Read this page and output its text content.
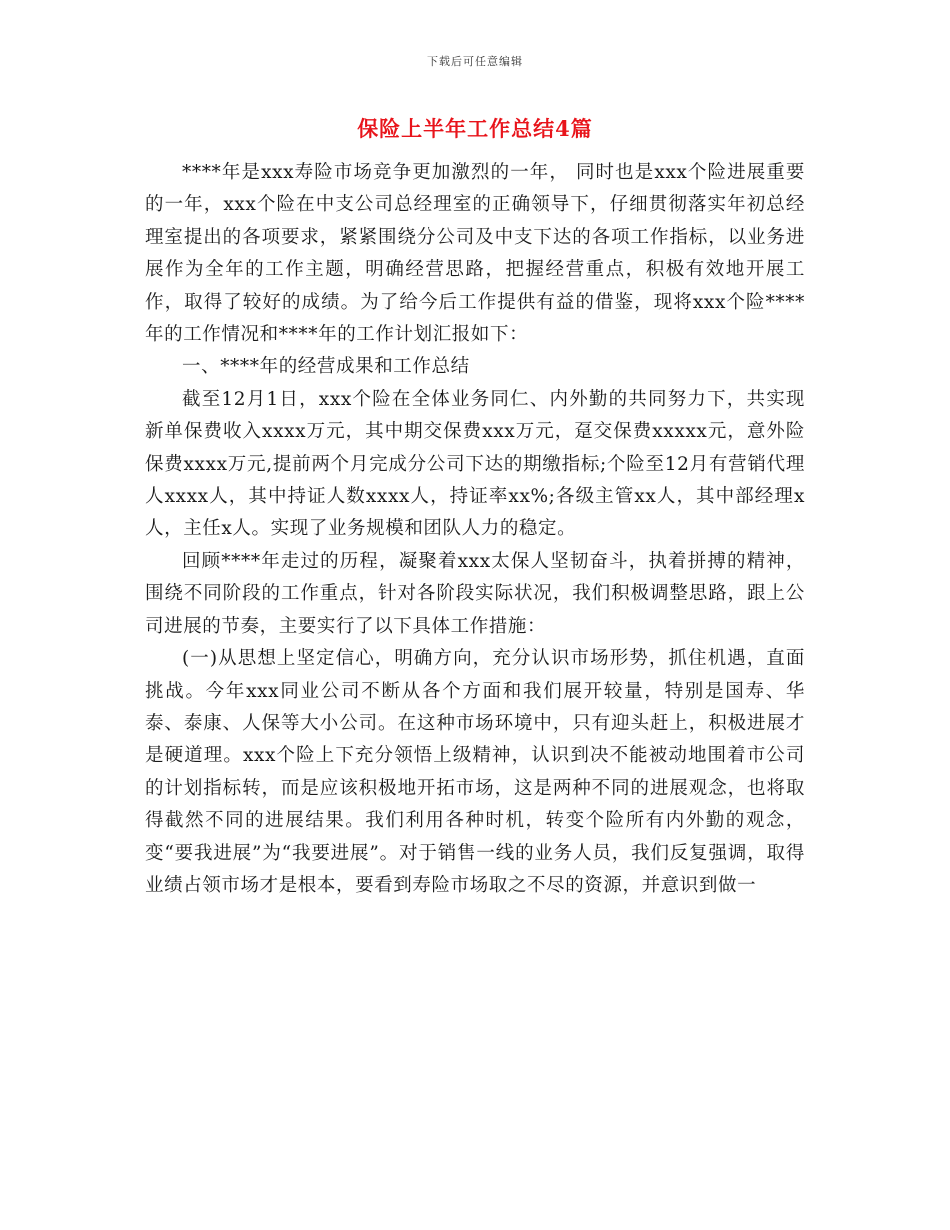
下载后可任意编辑
保险上半年工作总结4篇

****年是xxx寿险市场竞争更加激烈的一年， 同时也是xxx个险进展重要的一年，xxx个险在中支公司总经理室的正确领导下，仔细贯彻落实年初总经理室提出的各项要求，紧紧围绕分公司及中支下达的各项工作指标，以业务进展作为全年的工作主题，明确经营思路，把握经营重点，积极有效地开展工作，取得了较好的成绩。为了给今后工作提供有益的借鉴，现将xxx个险****年的工作情况和****年的工作计划汇报如下：

一、****年的经营成果和工作总结

截至12月1日，xxx个险在全体业务同仁、内外勤的共同努力下，共实现新单保费收入xxxx万元，其中期交保费xxx万元，趸交保费xxxxx元，意外险保费xxxx万元,提前两个月完成分公司下达的期缴指标;个险至12月有营销代理人xxxx人，其中持证人数xxxx人，持证率xx%;各级主管xx人，其中部经理x人，主任x人。实现了业务规模和团队人力的稳定。

回顾****年走过的历程，凝聚着xxx太保人坚韧奋斗，执着拼搏的精神，围绕不同阶段的工作重点，针对各阶段实际状况，我们积极调整思路，跟上公司进展的节奏，主要实行了以下具体工作措施：

(一)从思想上坚定信心，明确方向，充分认识市场形势，抓住机遇，直面挑战。今年xxx同业公司不断从各个方面和我们展开较量，特别是国寿、华泰、泰康、人保等大小公司。在这种市场环境中，只有迎头赶上，积极进展才是硬道理。xxx个险上下充分领悟上级精神，认识到决不能被动地围着市公司的计划指标转，而是应该积极地开拓市场，这是两种不同的进展观念，也将取得截然不同的进展结果。我们利用各种时机，转变个险所有内外勤的观念，变“要我进展”为“我要进展”。对于销售一线的业务人员，我们反复强调，取得业绩占领市场才是根本，要看到寿险市场取之不尽的资源，并意识到做一
